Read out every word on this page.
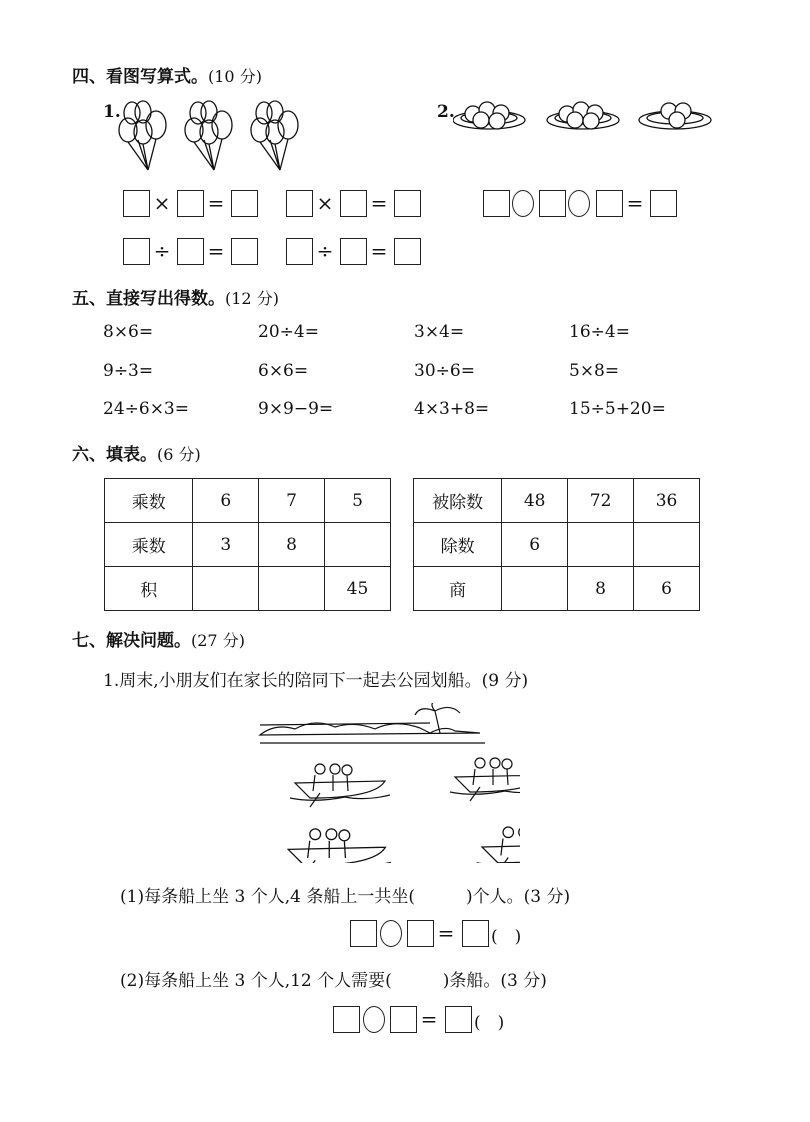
四、看图写算式。(10 分)
1.	2.
× =	× =	=
÷ =	÷ =
五、直接写出得数。(12 分)
8×6=	20÷4=	3×4=	16÷4=
9÷3=	6×6=	30÷6=	5×8=
24÷6×3=	9×9−9=	4×3+8=	15÷5+20=
六、填表。(6 分)
乘数	6	7	5
乘数	3	8	
积			45
被除数	48	72	36
除数	6		
商		8	6
七、解决问题。(27 分)
1.周末,小朋友们在家长的陪同下一起去公园划船。(9 分)
(1)每条船上坐 3 个人,4 条船上一共坐(　　　)个人。(3 分)
= (　)
(2)每条船上坐 3 个人,12 个人需要(　　　)条船。(3 分)
= (　)
